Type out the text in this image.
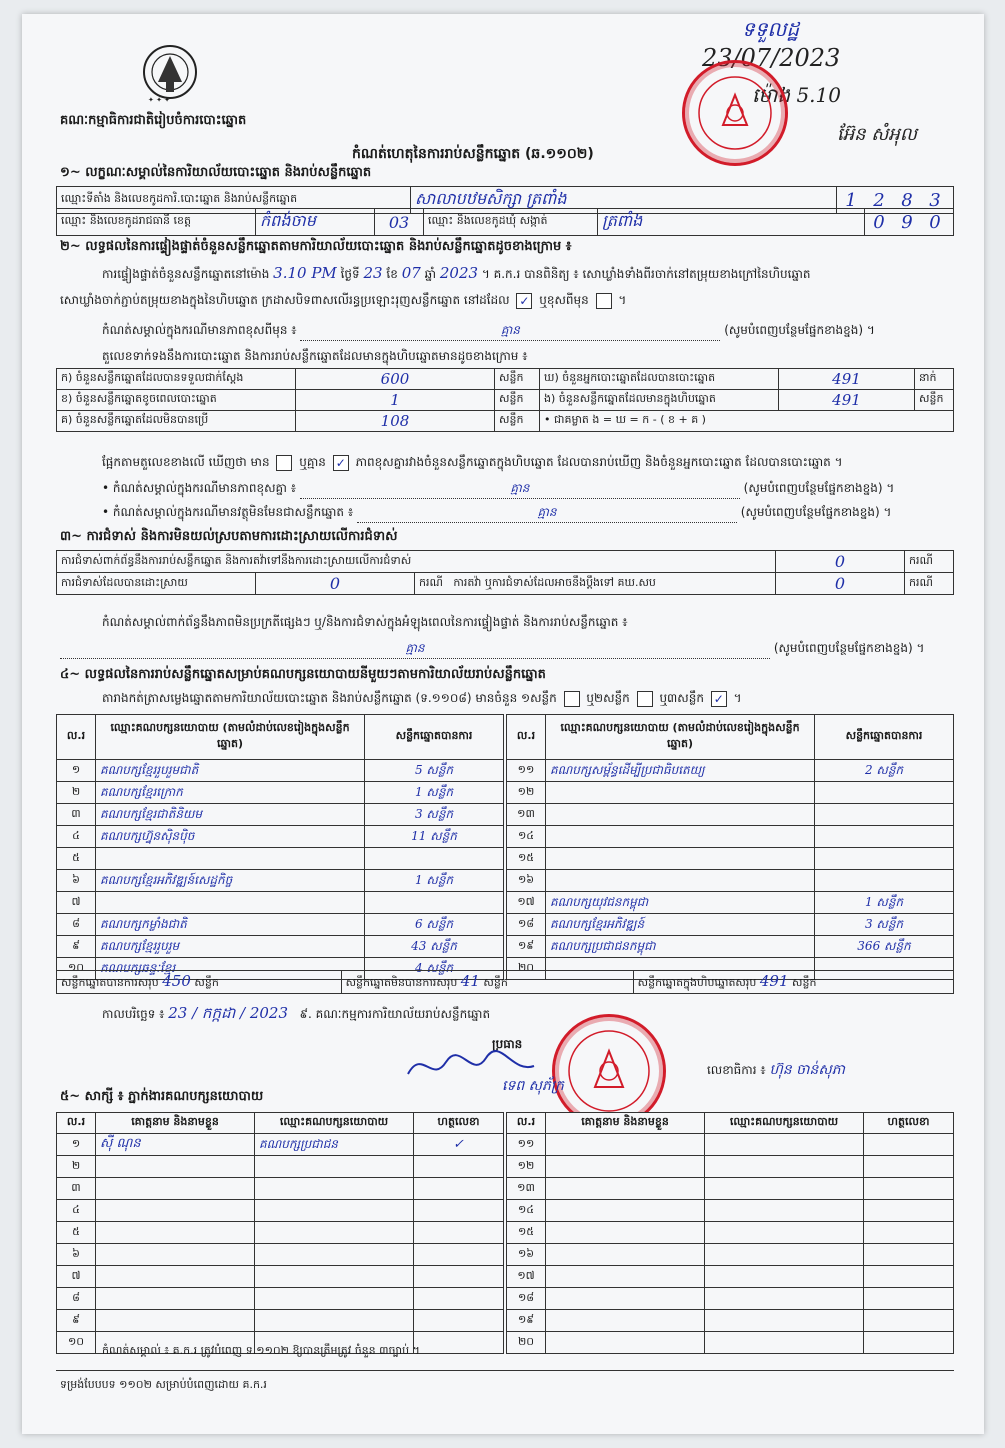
✦ ✦ ✦
គណៈកម្មាធិការជាតិរៀបចំការបោះឆ្នោត
ទទួលដ្ឋ
23/07/2023
ម៉ោង 5.10
អ៊ែន សំអុល
កំណត់ហេតុនៃការរាប់សន្លឹកឆ្នោត (ឆ.១១០២)
១~ លក្ខណៈសម្គាល់នៃការិយាល័យបោះឆ្នោត និងរាប់សន្លឹកឆ្នោត
ឈ្មោះទីតាំង និងលេខកូដការិ.បោះឆ្នោត និងរាប់សន្លឹកឆ្នោត	សាលាបឋមសិក្សា ត្រពាំង	1 2 8 3
ឈ្មោះ និងលេខកូដរាជធានី ខេត្ត	កំពង់ចាម	03	ឈ្មោះ និងលេខកូដឃុំ សង្កាត់	ត្រពាំង	0 9 0
២~ លទ្ធផលនៃការផ្ទៀងផ្ទាត់ចំនួនសន្លឹកឆ្នោតតាមការិយាល័យបោះឆ្នោត និងរាប់សន្លឹកឆ្នោតដូចខាងក្រោម ៖
ការផ្ទៀងផ្ទាត់ចំនួនសន្លឹកឆ្នោតនៅម៉ោង 3.10 PM ថ្ងៃទី 23 ខែ 07 ឆ្នាំ 2023 ។ គ.ក.រ បានពិនិត្យ ៖ សោឃ្លាំងទាំងពីរចាក់នៅតម្រុយខាងក្រៅនៃហិបឆ្នោត
សោឃ្លាំងចាក់ភ្ជាប់តម្រុយខាងក្នុងនៃហិបឆ្នោត ក្រដាសបិទពាសលើរន្ធប្រឡោះរុញសន្លឹកឆ្នោត នៅដដែល ✓ ឬខុសពីមុន  ។
កំណត់សម្គាល់ក្នុងករណីមានភាពខុសពីមុន ៖	គ្មាន	(សូមបំពេញបន្ថែមផ្នែកខាងខ្នង) ។
តួលេខទាក់ទងនឹងការបោះឆ្នោត និងការរាប់សន្លឹកឆ្នោតដែលមានក្នុងហិបឆ្នោតមានដូចខាងក្រោម ៖
ក) ចំនួនសន្លឹកឆ្នោតដែលបានទទួលជាក់ស្តែង	600	សន្លឹក	ឃ) ចំនួនអ្នកបោះឆ្នោតដែលបានបោះឆ្នោត	491	នាក់
ខ) ចំនួនសន្លឹកឆ្នោតខូចពេលបោះឆ្នោត	1	សន្លឹក	ង) ចំនួនសន្លឹកឆ្នោតដែលមានក្នុងហិបឆ្នោត	491	សន្លឹក
គ) ចំនួនសន្លឹកឆ្នោតដែលមិនបានប្រើ	108	សន្លឹក	• ជាគម្លាត ង = ឃ = ក - ( ខ + គ )		
ផ្អែកតាមតួលេខខាងលើ ឃើញថា មាន ឬគ្មាន ✓ ភាពខុសគ្នារវាងចំនួនសន្លឹកឆ្នោតក្នុងហិបឆ្នោត ដែលបានរាប់ឃើញ និងចំនួនអ្នកបោះឆ្នោត ដែលបានបោះឆ្នោត ។
• កំណត់សម្គាល់ក្នុងករណីមានភាពខុសគ្នា ៖	គ្មាន	(សូមបំពេញបន្ថែមផ្នែកខាងខ្នង) ។
• កំណត់សម្គាល់ក្នុងករណីមានវត្ថុមិនមែនជាសន្លឹកឆ្នោត ៖	គ្មាន	(សូមបំពេញបន្ថែមផ្នែកខាងខ្នង) ។
៣~ ការជំទាស់ និងការមិនយល់ស្របតាមការដោះស្រាយលើការជំទាស់
ការជំទាស់ពាក់ព័ន្ធនឹងការរាប់សន្លឹកឆ្នោត និងការតវ៉ាទៅនឹងការដោះស្រាយលើការជំទាស់			0	ករណី
ការជំទាស់ដែលបានដោះស្រាយ	0	ករណី ការតវ៉ា ឬការជំទាស់ដែលអាចនឹងប្តឹងទៅ គឃ.សប	0	ករណី
កំណត់សម្គាល់ពាក់ព័ន្ធនឹងភាពមិនប្រក្រតីផ្សេងៗ ឬ/និងការជំទាស់ក្នុងអំឡុងពេលនៃការផ្ទៀងផ្ទាត់ និងការរាប់សន្លឹកឆ្នោត ៖
គ្មាន	(សូមបំពេញបន្ថែមផ្នែកខាងខ្នង) ។
៤~ លទ្ធផលនៃការរាប់សន្លឹកឆ្នោតសម្រាប់គណបក្សនយោបាយនីមួយៗតាមការិយាល័យរាប់សន្លឹកឆ្នោត
តារាងកត់ត្រាសម្លេងឆ្នោតតាមការិយាល័យបោះឆ្នោត និងរាប់សន្លឹកឆ្នោត (ទ.១១០៨) មានចំនួន ១សន្លឹក ឬ២សន្លឹក ឬ៣សន្លឹក ✓ ។
ល.រ	ឈ្មោះគណបក្សនយោបាយ (តាមលំដាប់លេខរៀងក្នុងសន្លឹកឆ្នោត)	សន្លឹកឆ្នោតបានការ
១	គណបក្សខ្មែររួបរួមជាតិ	5 សន្លឹក
២	គណបក្សខ្មែរក្រោក	1 សន្លឹក
៣	គណបក្សខ្មែរជាតិនិយម	3 សន្លឹក
៤	គណបក្សហ្វ៊ុនស៊ិនប៉ិច	11 សន្លឹក
៥		
៦	គណបក្សខ្មែរអភិវឌ្ឍន៍សេដ្ឋកិច្ច	1 សន្លឹក
៧		
៨	គណបក្សកម្លាំងជាតិ	6 សន្លឹក
៩	គណបក្សខ្មែររួបរួម	43 សន្លឹក
១០	គណបក្សឆន្ទៈខ្មែរ	4 សន្លឹក
ល.រ	ឈ្មោះគណបក្សនយោបាយ (តាមលំដាប់លេខរៀងក្នុងសន្លឹកឆ្នោត)	សន្លឹកឆ្នោតបានការ
១១	គណបក្សសម្ព័ន្ធដើម្បីប្រជាធិបតេយ្យ	2 សន្លឹក
១២		
១៣		
១៤		
១៥		
១៦		
១៧	គណបក្សយុវជនកម្ពុជា	1 សន្លឹក
១៨	គណបក្សខ្មែរអភិវឌ្ឍន៍	3 សន្លឹក
១៩	គណបក្សប្រជាជនកម្ពុជា	366 សន្លឹក
២០		
សន្លឹកឆ្នោតបានការសរុប 450 សន្លឹក	សន្លឹកឆ្នោតមិនបានការសរុប 41 សន្លឹក	សន្លឹកឆ្នោតក្នុងហិបឆ្នោតសរុប 491 សន្លឹក
កាលបរិច្ឆេទ ៖ 23 / កក្កដា / 2023 ៩. គណៈកម្មការការិយាល័យរាប់សន្លឹកឆ្នោត
ប្រធាន
ទេព សុភ័ក្រ
លេខាធិការ ៖ ហ៊ុន ចាន់សុភា
៥~ សាក្សី ៖ ភ្នាក់ងារគណបក្សនយោបាយ
ល.រ	គោត្តនាម និងនាមខ្លួន	ឈ្មោះគណបក្សនយោបាយ	ហត្ថលេខា
១	ស៊ី ណុន	គណបក្សប្រជាជន	✓
២			
៣			
៤			
៥			
៦			
៧			
៨			
៩			
១០			
ល.រ	គោត្តនាម និងនាមខ្លួន	ឈ្មោះគណបក្សនយោបាយ	ហត្ថលេខា
១១			
១២			
១៣			
១៤			
១៥			
១៦			
១៧			
១៨			
១៩			
២០			
កំណត់សម្គាល់ ៖ គ.ក.រ ត្រូវបំពេញ ទ.១១០២ ឱ្យបានត្រឹមត្រូវ ចំនួន ៣ច្បាប់ ។
ទម្រង់បែបបទ ១១០២ សម្រាប់បំពេញដោយ គ.ក.រ
